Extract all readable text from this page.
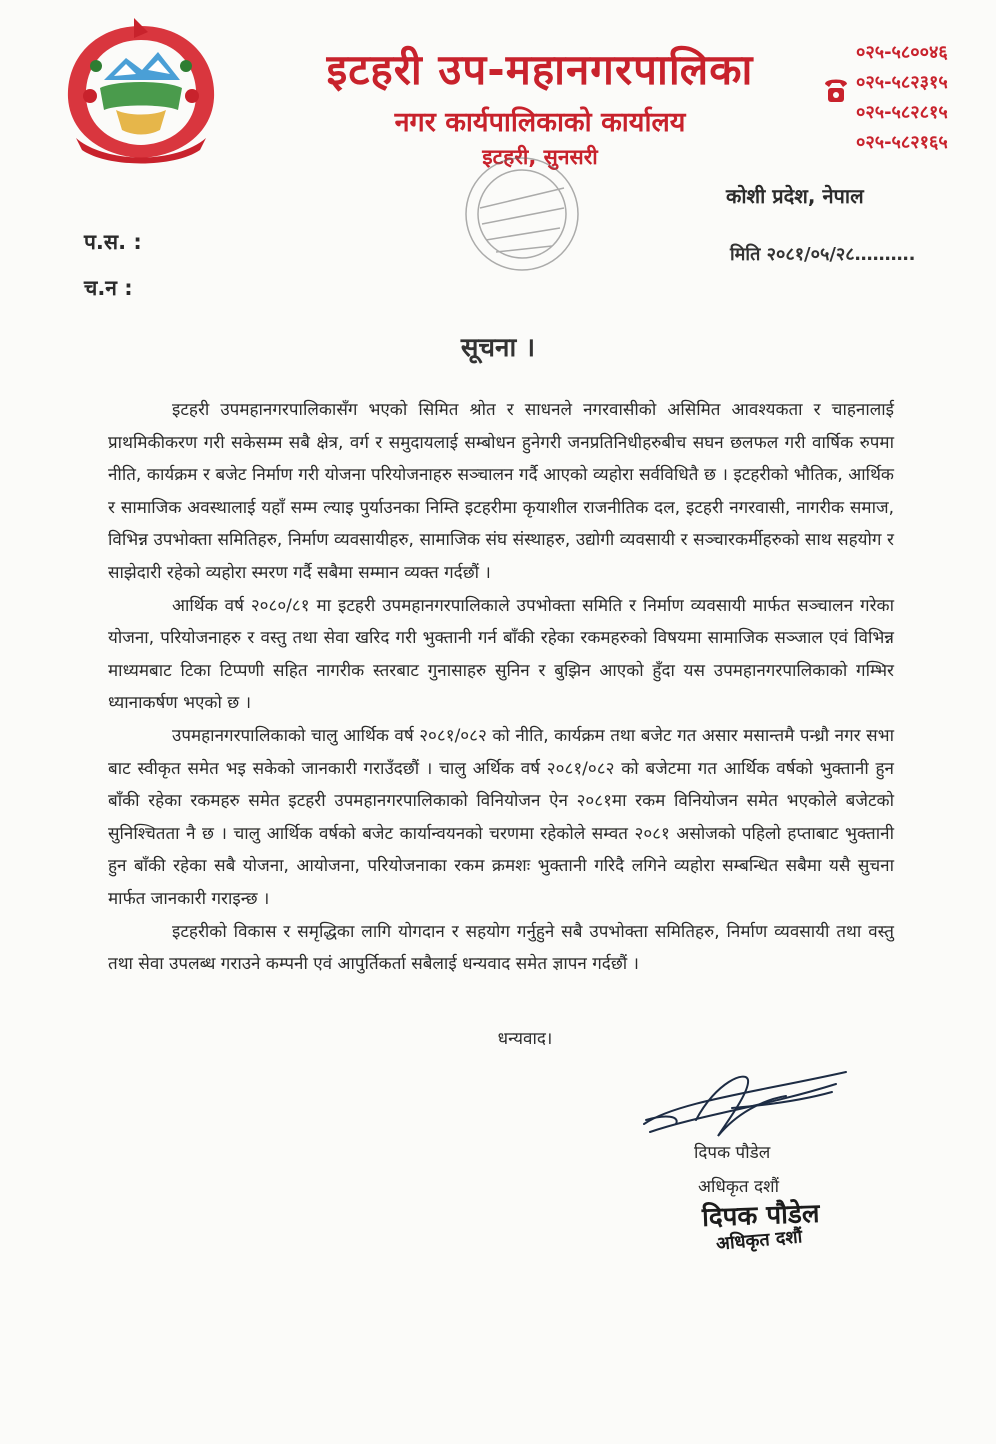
इटहरी उप-महानगरपालिका
नगर कार्यपालिकाको कार्यालय
इटहरी, सुनसरी
०२५-५८००४६
०२५-५८२३१५
०२५-५८२८१५
०२५-५८२१६५
कोशी प्रदेश, नेपाल
मिति २०८१/०५/२८……….
प.स. :
च.न :
सूचना ।

इटहरी उपमहानगरपालिकासँग भएको सिमित श्रोत र साधनले नगरवासीको असिमित आवश्यकता र चाहनालाई प्राथमिकीकरण गरी सकेसम्म सबै क्षेत्र, वर्ग र समुदायलाई सम्बोधन हुनेगरी जनप्रतिनिधीहरुबीच सघन छलफल गरी वार्षिक रुपमा नीति, कार्यक्रम र बजेट निर्माण गरी योजना परियोजनाहरु सञ्चालन गर्दै आएको व्यहोरा सर्वविधितै छ । इटहरीको भौतिक, आर्थिक र सामाजिक अवस्थालाई यहाँ सम्म ल्याइ पुर्याउनका निम्ति इटहरीमा कृयाशील राजनीतिक दल, इटहरी नगरवासी, नागरीक समाज, विभिन्न उपभोक्ता समितिहरु, निर्माण व्यवसायीहरु, सामाजिक संघ संस्थाहरु, उद्योगी व्यवसायी र सञ्चारकर्मीहरुको साथ सहयोग र साझेदारी रहेको व्यहोरा स्मरण गर्दै सबैमा सम्मान व्यक्त गर्दछौं ।

आर्थिक वर्ष २०८०/८१ मा इटहरी उपमहानगरपालिकाले उपभोक्ता समिति र निर्माण व्यवसायी मार्फत सञ्चालन गरेका योजना, परियोजनाहरु र वस्तु तथा सेवा खरिद गरी भुक्तानी गर्न बाँकी रहेका रकमहरुको विषयमा सामाजिक सञ्जाल एवं विभिन्न माध्यमबाट टिका टिप्पणी सहित नागरीक स्तरबाट गुनासाहरु सुनिन र बुझिन आएको हुँदा यस उपमहानगरपालिकाको गम्भिर ध्यानाकर्षण भएको छ ।

उपमहानगरपालिकाको चालु आर्थिक वर्ष २०८१/०८२ को नीति, कार्यक्रम तथा बजेट गत असार मसान्तमै पन्ध्रौ नगर सभा बाट स्वीकृत समेत भइ सकेको जानकारी गराउँदछौं । चालु अर्थिक वर्ष २०८१/०८२ को बजेटमा गत आर्थिक वर्षको भुक्तानी हुन बाँकी रहेका रकमहरु समेत इटहरी उपमहानगरपालिकाको विनियोजन ऐन २०८१मा रकम विनियोजन समेत भएकोले बजेटको सुनिश्चितता नै छ । चालु आर्थिक वर्षको बजेट कार्यान्वयनको चरणमा रहेकोले सम्वत २०८१ असोजको पहिलो हप्ताबाट भुक्तानी हुन बाँकी रहेका सबै योजना, आयोजना, परियोजनाका रकम क्रमशः भुक्तानी गरिदै लगिने व्यहोरा सम्बन्धित सबैमा यसै सुचना मार्फत जानकारी गराइन्छ ।

इटहरीको विकास र समृद्धिका लागि योगदान र सहयोग गर्नुहुने सबै उपभोक्ता समितिहरु, निर्माण व्यवसायी तथा वस्तु तथा सेवा उपलब्ध गराउने कम्पनी एवं आपुर्तिकर्ता सबैलाई धन्यवाद समेत ज्ञापन गर्दछौं ।

धन्यवाद।
दिपक पौडेल
अधिकृत दशौं
दिपक पौडेल
अधिकृत दशौं
